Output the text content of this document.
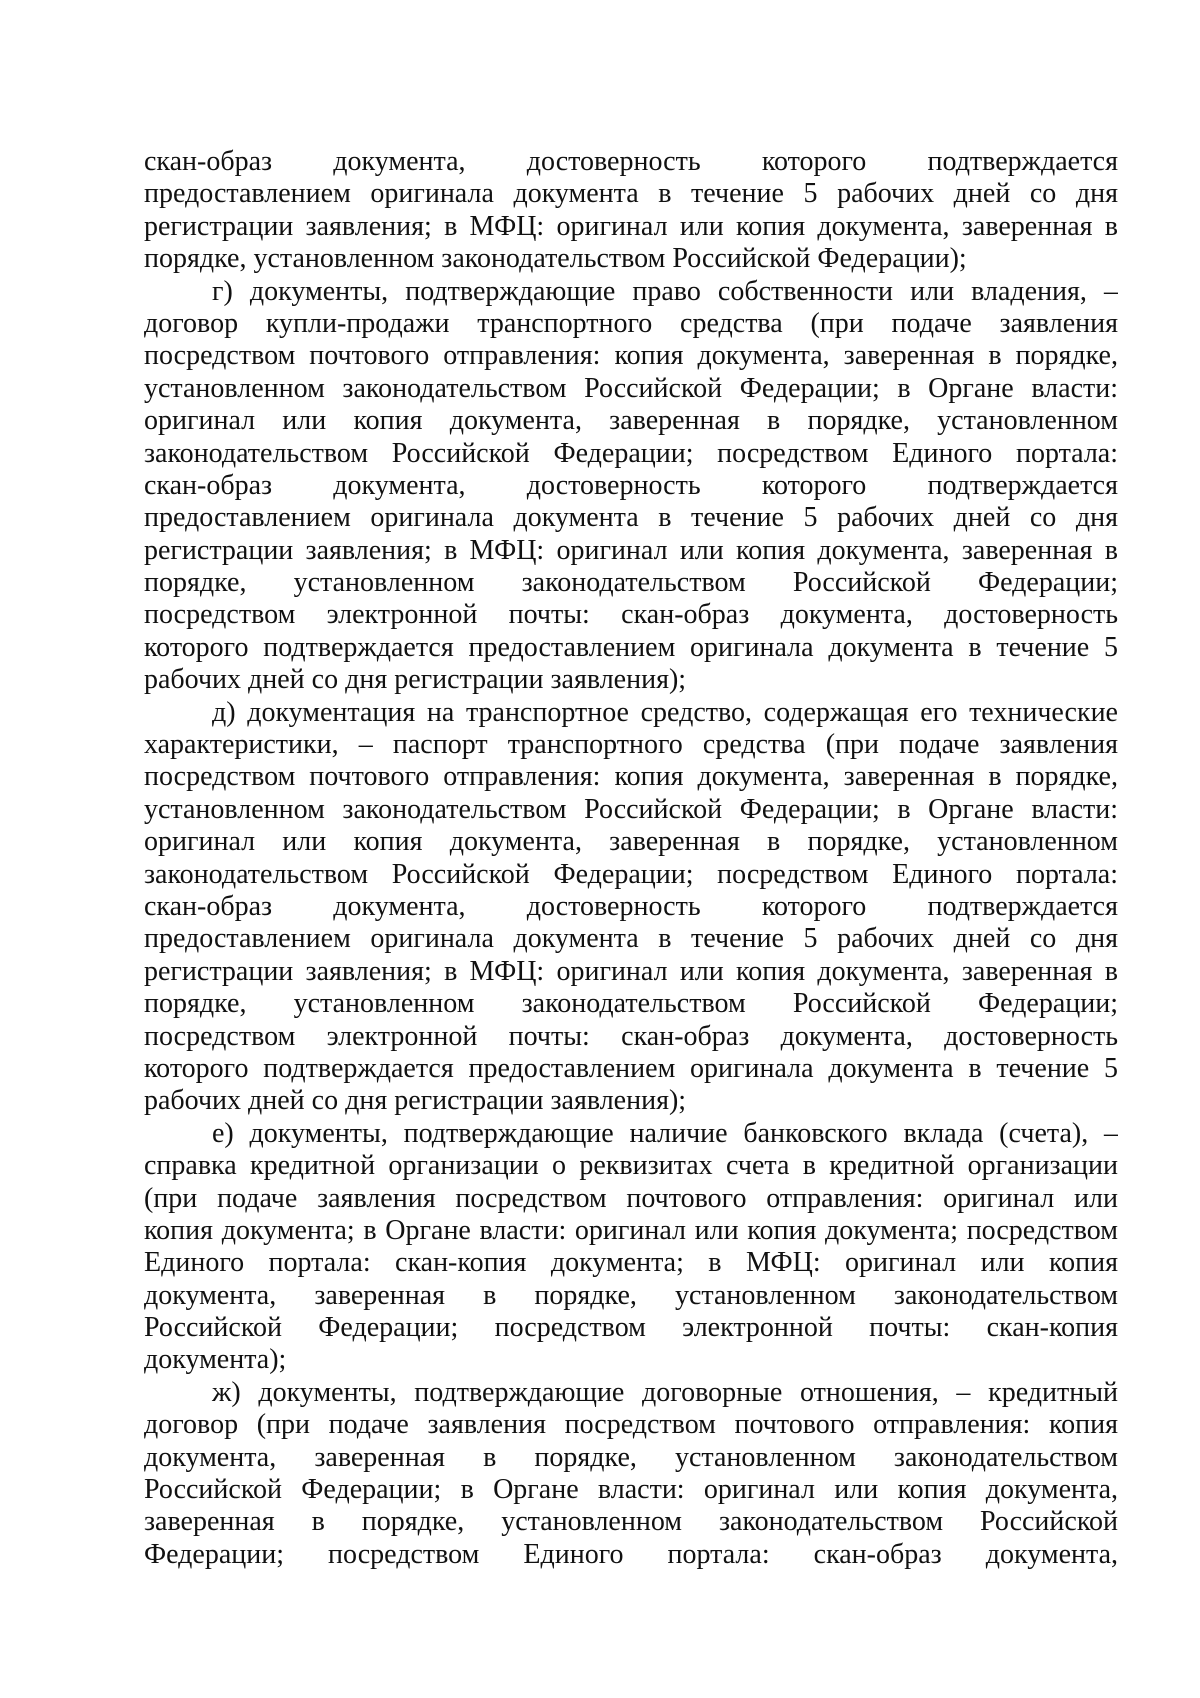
скан-образ документа, достоверность которого подтверждается
предоставлением оригинала документа в течение 5 рабочих дней со дня
регистрации заявления; в МФЦ: оригинал или копия документа, заверенная в
порядке, установленном законодательством Российской Федерации);
г) документы, подтверждающие право собственности или владения, –
договор купли-продажи транспортного средства (при подаче заявления
посредством почтового отправления: копия документа, заверенная в порядке,
установленном законодательством Российской Федерации; в Органе власти:
оригинал или копия документа, заверенная в порядке, установленном
законодательством Российской Федерации; посредством Единого портала:
скан-образ документа, достоверность которого подтверждается
предоставлением оригинала документа в течение 5 рабочих дней со дня
регистрации заявления; в МФЦ: оригинал или копия документа, заверенная в
порядке, установленном законодательством Российской Федерации;
посредством электронной почты: скан-образ документа, достоверность
которого подтверждается предоставлением оригинала документа в течение 5
рабочих дней со дня регистрации заявления);
д) документация на транспортное средство, содержащая его технические
характеристики, – паспорт транспортного средства (при подаче заявления
посредством почтового отправления: копия документа, заверенная в порядке,
установленном законодательством Российской Федерации; в Органе власти:
оригинал или копия документа, заверенная в порядке, установленном
законодательством Российской Федерации; посредством Единого портала:
скан-образ документа, достоверность которого подтверждается
предоставлением оригинала документа в течение 5 рабочих дней со дня
регистрации заявления; в МФЦ: оригинал или копия документа, заверенная в
порядке, установленном законодательством Российской Федерации;
посредством электронной почты: скан-образ документа, достоверность
которого подтверждается предоставлением оригинала документа в течение 5
рабочих дней со дня регистрации заявления);
е) документы, подтверждающие наличие банковского вклада (счета), –
справка кредитной организации о реквизитах счета в кредитной организации
(при подаче заявления посредством почтового отправления: оригинал или
копия документа; в Органе власти: оригинал или копия документа; посредством
Единого портала: скан-копия документа; в МФЦ: оригинал или копия
документа, заверенная в порядке, установленном законодательством
Российской Федерации; посредством электронной почты: скан-копия
документа);
ж) документы, подтверждающие договорные отношения, – кредитный
договор (при подаче заявления посредством почтового отправления: копия
документа, заверенная в порядке, установленном законодательством
Российской Федерации; в Органе власти: оригинал или копия документа,
заверенная в порядке, установленном законодательством Российской
Федерации; посредством Единого портала: скан-образ документа,
